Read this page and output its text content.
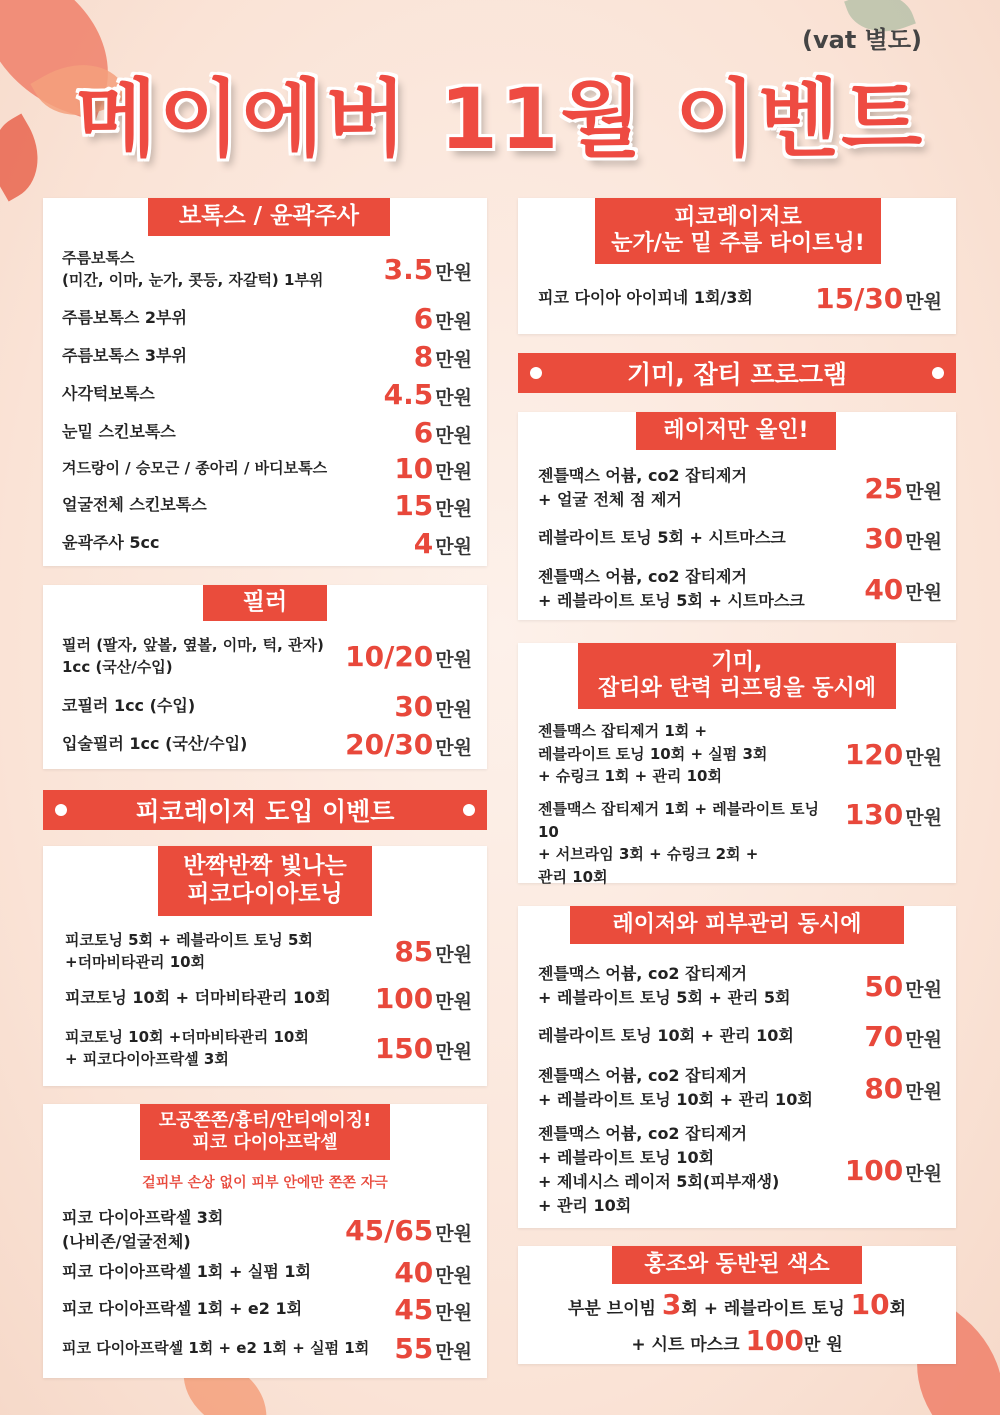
(vat 별도)
메이에버 11월 이벤트
보톡스 / 윤곽주사
주름보톡스
(미간, 이마, 눈가, 콧등, 자갈턱) 1부위 3.5 만원
주름보톡스 2부위	6 만원
주름보톡스 3부위	8 만원
사각턱보톡스	4.5 만원
눈밑 스킨보톡스	6 만원
겨드랑이 / 승모근 / 종아리 / 바디보톡스 10 만원
얼굴전체 스킨보톡스	15 만원
윤곽주사 5cc	4 만원
필러
필러 (팔자, 앞볼, 옆볼, 이마, 턱, 관자)
1cc (국산/수입)	10/20 만원
코필러 1cc (수입)	30 만원
입술필러 1cc (국산/수입)	20/30 만원
피코레이저 도입 이벤트
반짝반짝 빛나는
피코다이아토닝
피코토닝 5회 + 레블라이트 토닝 5회
+더마비타관리 10회	85 만원
피코토닝 10회 + 더마비타관리 10회 100 만원
피코토닝 10회 +더마비타관리 10회
+ 피코다이아프락셀 3회	150 만원
모공쫀쫀/흉터/안티에이징!
피코 다이아프락셀
겉피부 손상 없이 피부 안에만 쫀쫀 자극
피코 다이아프락셀 3회
(나비존/얼굴전체)	45/65 만원
피코 다이아프락셀 1회 + 실펌 1회	40 만원
피코 다이아프락셀 1회 + e2 1회	45 만원
피코 다이아프락셀 1회 + e2 1회 + 실펌 1회 55 만원
피코레이저로
눈가/눈 밑 주름 타이트닝!
피코 다이아 아이피네 1회/3회 15/30 만원
기미, 잡티 프로그램
레이저만 올인!
젠틀맥스 어븀, co2 잡티제거
+ 얼굴 전체 점 제거	25 만원
레블라이트 토닝 5회 + 시트마스크	30 만원
젠틀맥스 어븀, co2 잡티제거
+ 레블라이트 토닝 5회 + 시트마스크 40 만원
기미,
잡티와 탄력 리프팅을 동시에
젠틀맥스 잡티제거 1회 +
레블라이트 토닝 10회 + 실펌 3회
+ 슈링크 1회 + 관리 10회
120 만원
젠틀맥스 잡티제거 1회 + 레블라이트 토닝 10
+ 서브라임 3회 + 슈링크 2회 +
관리 10회
130 만원
레이저와 피부관리 동시에
젠틀맥스 어븀, co2 잡티제거
+ 레블라이트 토닝 5회 + 관리 5회	50 만원
레블라이트 토닝 10회 + 관리 10회	70 만원
젠틀맥스 어븀, co2 잡티제거
+ 레블라이트 토닝 10회 + 관리 10회 80 만원
젠틀맥스 어븀, co2 잡티제거
+ 레블라이트 토닝 10회
+ 제네시스 레이저 5회(피부재생)
+ 관리 10회
100 만원
홍조와 동반된 색소
부분 브이빔 3회 + 레블라이트 토닝 10회
+ 시트 마스크 100만 원
